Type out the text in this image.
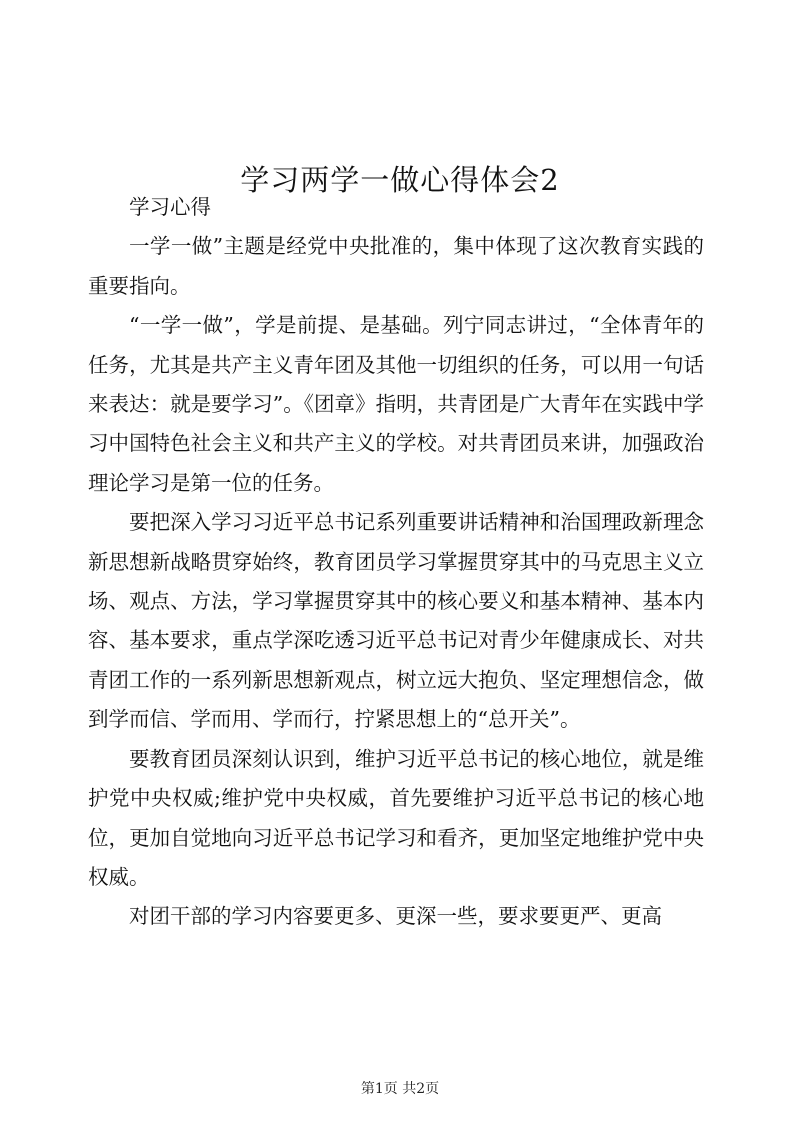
学习两学一做心得体会2

学习心得

一学一做”主题是经党中央批准的，集中体现了这次教育实践的重要指向。

“一学一做”，学是前提、是基础。列宁同志讲过，“全体青年的任务，尤其是共产主义青年团及其他一切组织的任务，可以用一句话来表达：就是要学习”。《团章》指明，共青团是广大青年在实践中学习中国特色社会主义和共产主义的学校。对共青团员来讲，加强政治理论学习是第一位的任务。

要把深入学习习近平总书记系列重要讲话精神和治国理政新理念新思想新战略贯穿始终，教育团员学习掌握贯穿其中的马克思主义立场、观点、方法，学习掌握贯穿其中的核心要义和基本精神、基本内容、基本要求，重点学深吃透习近平总书记对青少年健康成长、对共青团工作的一系列新思想新观点，树立远大抱负、坚定理想信念，做到学而信、学而用、学而行，拧紧思想上的“总开关”。

要教育团员深刻认识到，维护习近平总书记的核心地位，就是维护党中央权威;维护党中央权威，首先要维护习近平总书记的核心地位，更加自觉地向习近平总书记学习和看齐，更加坚定地维护党中央权威。

对团干部的学习内容要更多、更深一些，要求要更严、更高

第1页 共2页
